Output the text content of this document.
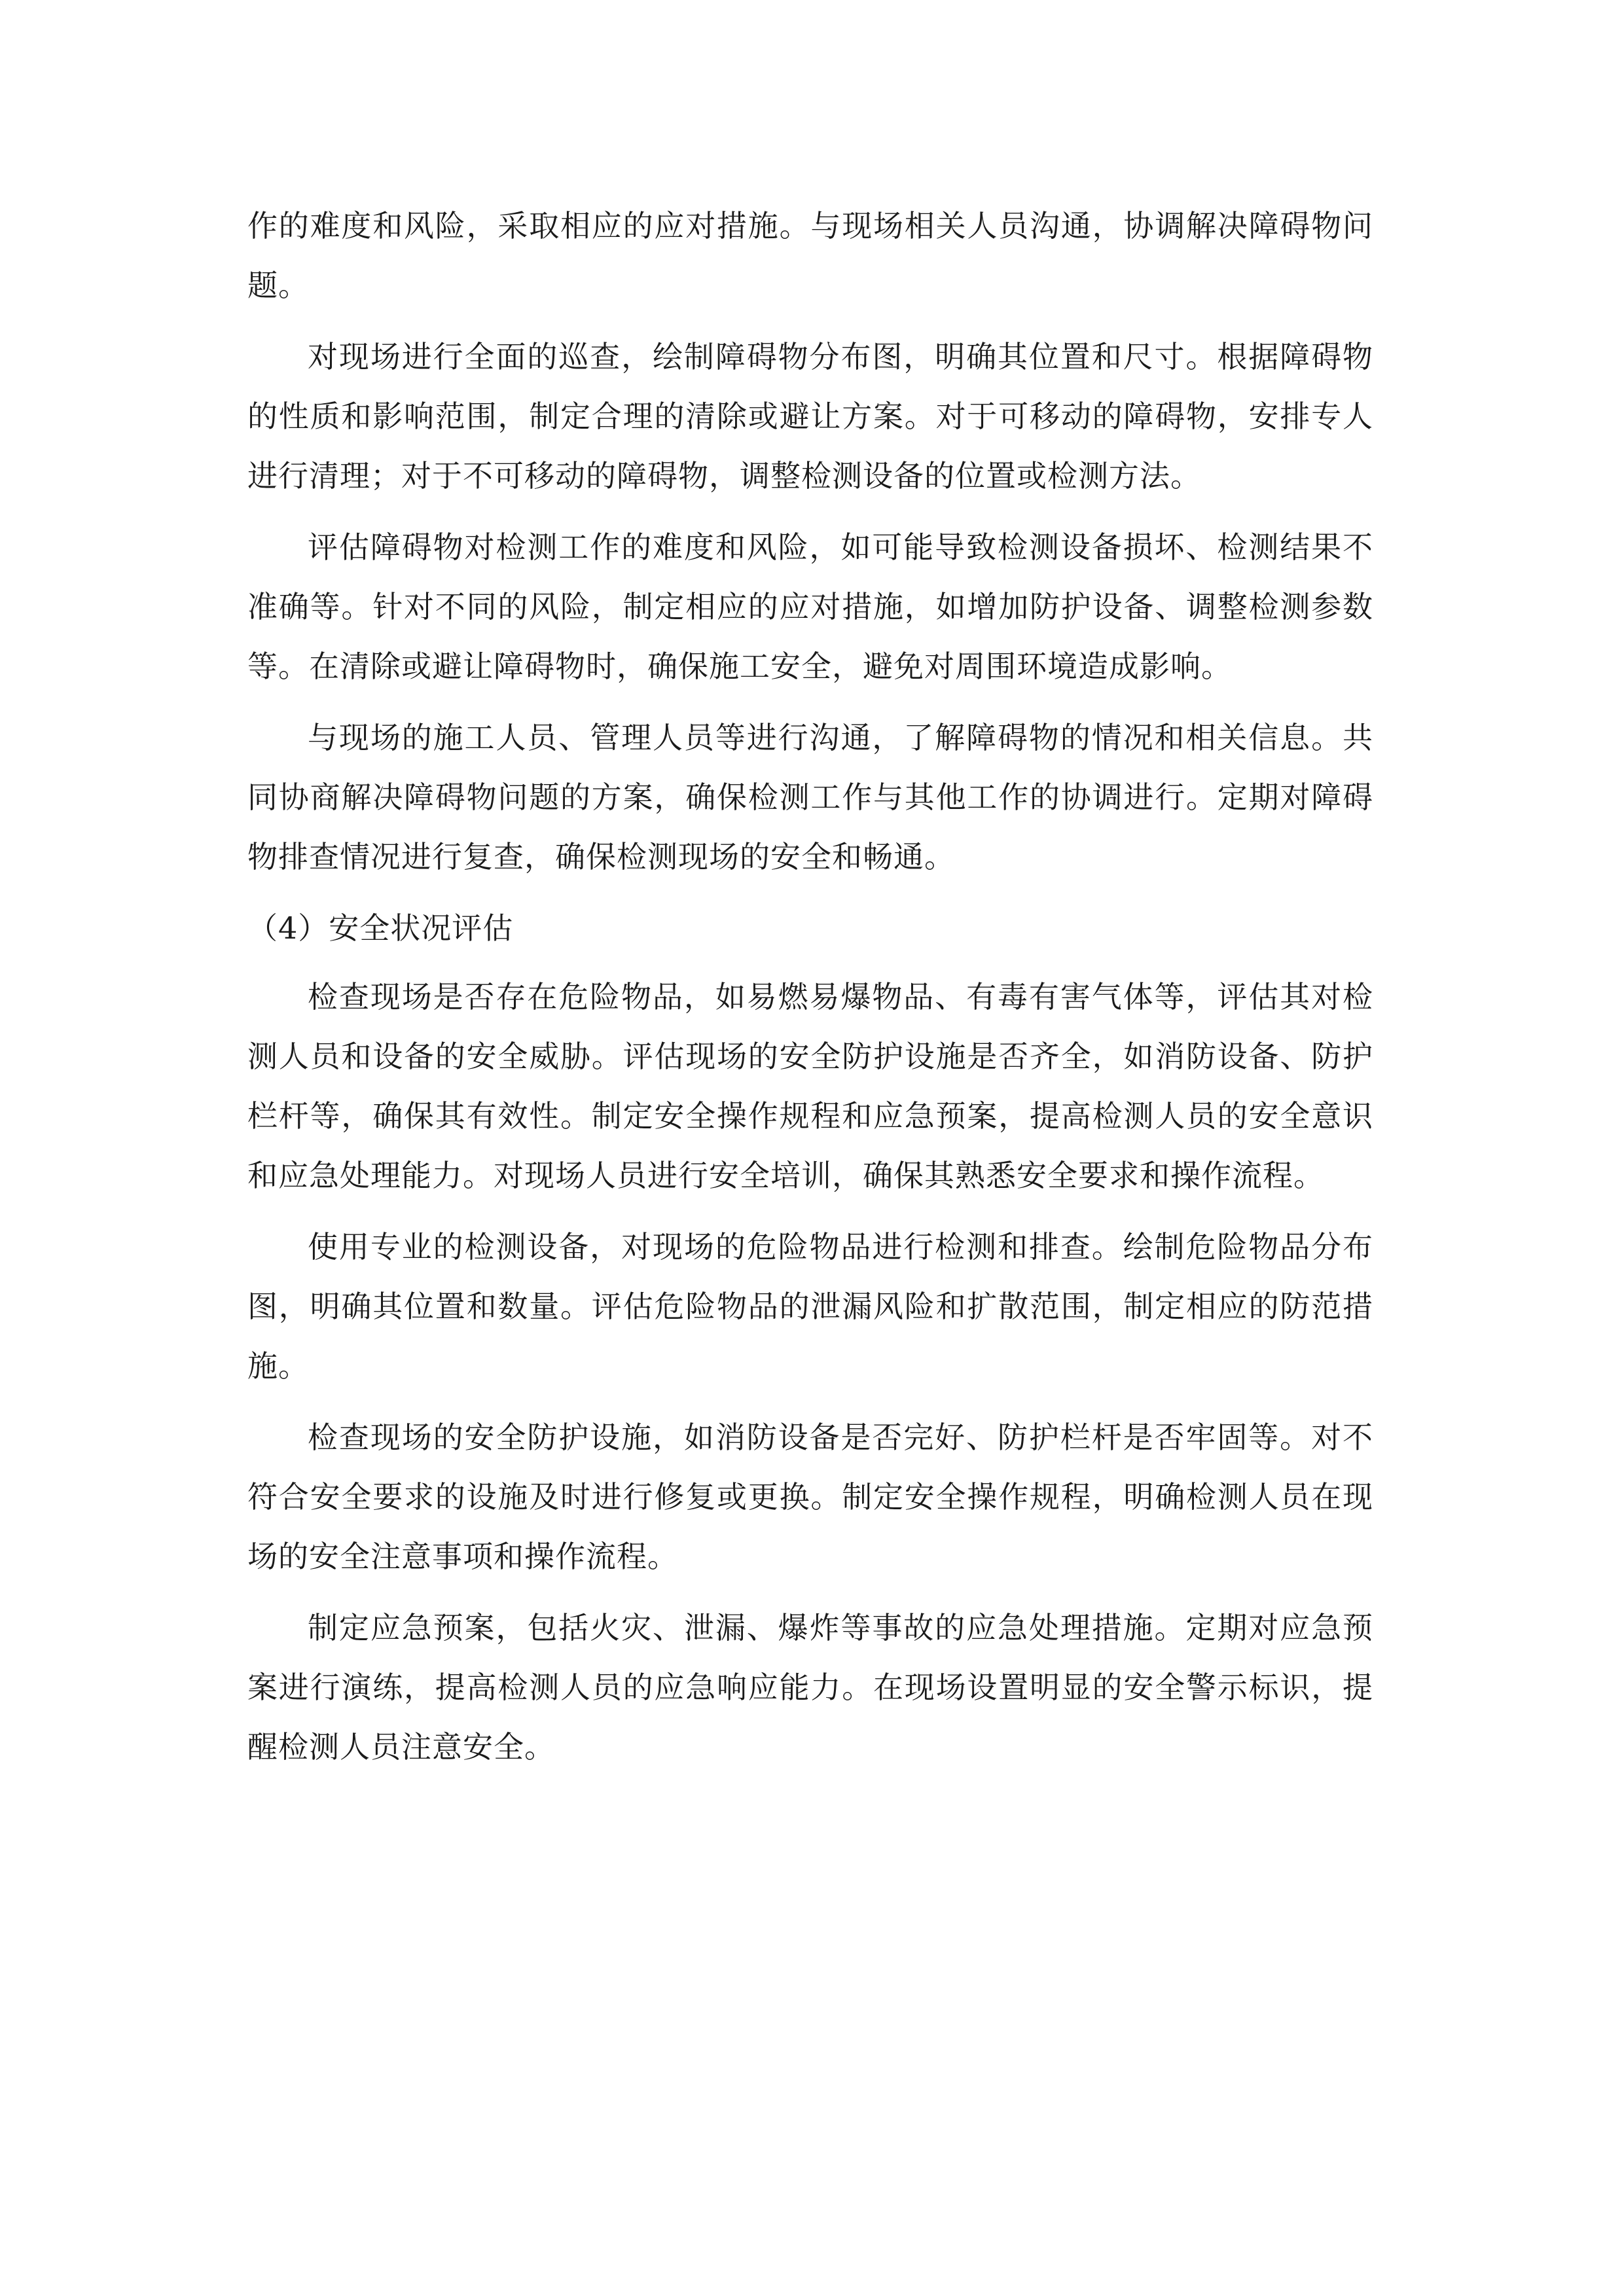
作的难度和风险，采取相应的应对措施。与现场相关人员沟通，协调解决障碍物问题。

对现场进行全面的巡查，绘制障碍物分布图，明确其位置和尺寸。根据障碍物的性质和影响范围，制定合理的清除或避让方案。对于可移动的障碍物，安排专人进行清理；对于不可移动的障碍物，调整检测设备的位置或检测方法。

评估障碍物对检测工作的难度和风险，如可能导致检测设备损坏、检测结果不准确等。针对不同的风险，制定相应的应对措施，如增加防护设备、调整检测参数等。在清除或避让障碍物时，确保施工安全，避免对周围环境造成影响。

与现场的施工人员、管理人员等进行沟通，了解障碍物的情况和相关信息。共同协商解决障碍物问题的方案，确保检测工作与其他工作的协调进行。定期对障碍物排查情况进行复查，确保检测现场的安全和畅通。

（4）安全状况评估

检查现场是否存在危险物品，如易燃易爆物品、有毒有害气体等，评估其对检测人员和设备的安全威胁。评估现场的安全防护设施是否齐全，如消防设备、防护栏杆等，确保其有效性。制定安全操作规程和应急预案，提高检测人员的安全意识和应急处理能力。对现场人员进行安全培训，确保其熟悉安全要求和操作流程。

使用专业的检测设备，对现场的危险物品进行检测和排查。绘制危险物品分布图，明确其位置和数量。评估危险物品的泄漏风险和扩散范围，制定相应的防范措施。

检查现场的安全防护设施，如消防设备是否完好、防护栏杆是否牢固等。对不符合安全要求的设施及时进行修复或更换。制定安全操作规程，明确检测人员在现场的安全注意事项和操作流程。

制定应急预案，包括火灾、泄漏、爆炸等事故的应急处理措施。定期对应急预案进行演练，提高检测人员的应急响应能力。在现场设置明显的安全警示标识，提醒检测人员注意安全。
